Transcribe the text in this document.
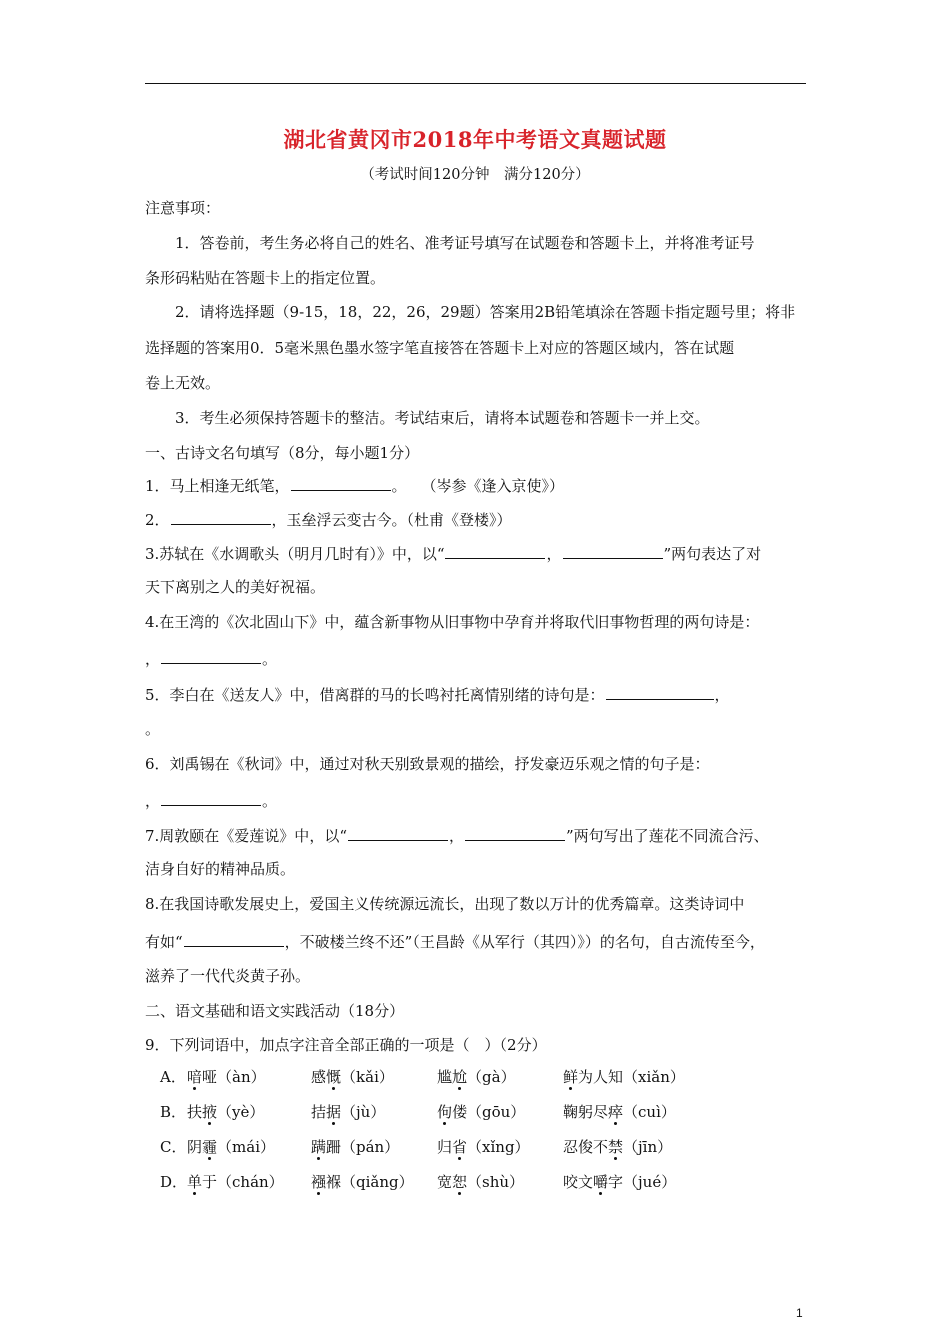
湖北省黄冈市2018年中考语文真题试题
（考试时间120分钟　满分120分）
注意事项：
1．答卷前，考生务必将自己的姓名、准考证号填写在试题卷和答题卡上，并将准考证号
条形码粘贴在答题卡上的指定位置。
2．请将选择题（9-15，18，22，26，29题）答案用2B铅笔填涂在答题卡指定题号里；将非
选择题的答案用0．5毫米黑色墨水签字笔直接答在答题卡上对应的答题区域内，答在试题
卷上无效。
3．考生必须保持答题卡的整洁。考试结束后，请将本试题卷和答题卡一并上交。
一、古诗文名句填写（8分，每小题1分）
1．马上相逢无纸笔，	。　　（岑参《逢入京使》）
2．	，玉垒浮云变古今。（杜甫《登楼》）
3.苏轼在《水调歌头（明月几时有）》中，以“	，	”两句表达了对
天下离别之人的美好祝福。
4.在王湾的《次北固山下》中，蕴含新事物从旧事物中孕育并将取代旧事物哲理的两句诗是：
，	。
5．李白在《送友人》中，借离群的马的长鸣衬托离情别绪的诗句是：	，
。
6．刘禹锡在《秋词》中，通过对秋天别致景观的描绘，抒发豪迈乐观之情的句子是：
，	。
7.周敦颐在《爱莲说》中，以“	，	”两句写出了莲花不同流合污、
洁身自好的精神品质。
8.在我国诗歌发展史上，爱国主义传统源远流长，出现了数以万计的优秀篇章。这类诗词中
有如“	，不破楼兰终不还”（王昌龄《从军行（其四）》）的名句，自古流传至今，
滋养了一代代炎黄子孙。
二、语文基础和语文实践活动（18分）
9．下列词语中，加点字注音全部正确的一项是（　）（2分）
A． 喑哑（àn）	感慨（kǎi）	尴尬（gà）	鲜为人知（xiǎn）
B． 扶掖（yè）	拮据（jù）	佝偻（gōu）	鞠躬尽瘁（cuì）
C． 阴霾（mái） 蹒跚（pán）	归省（xǐng） 忍俊不禁（jīn）
D． 单于（chán） 襁褓（qiǎng） 宽恕（shù）	咬文嚼字（jué）
1
